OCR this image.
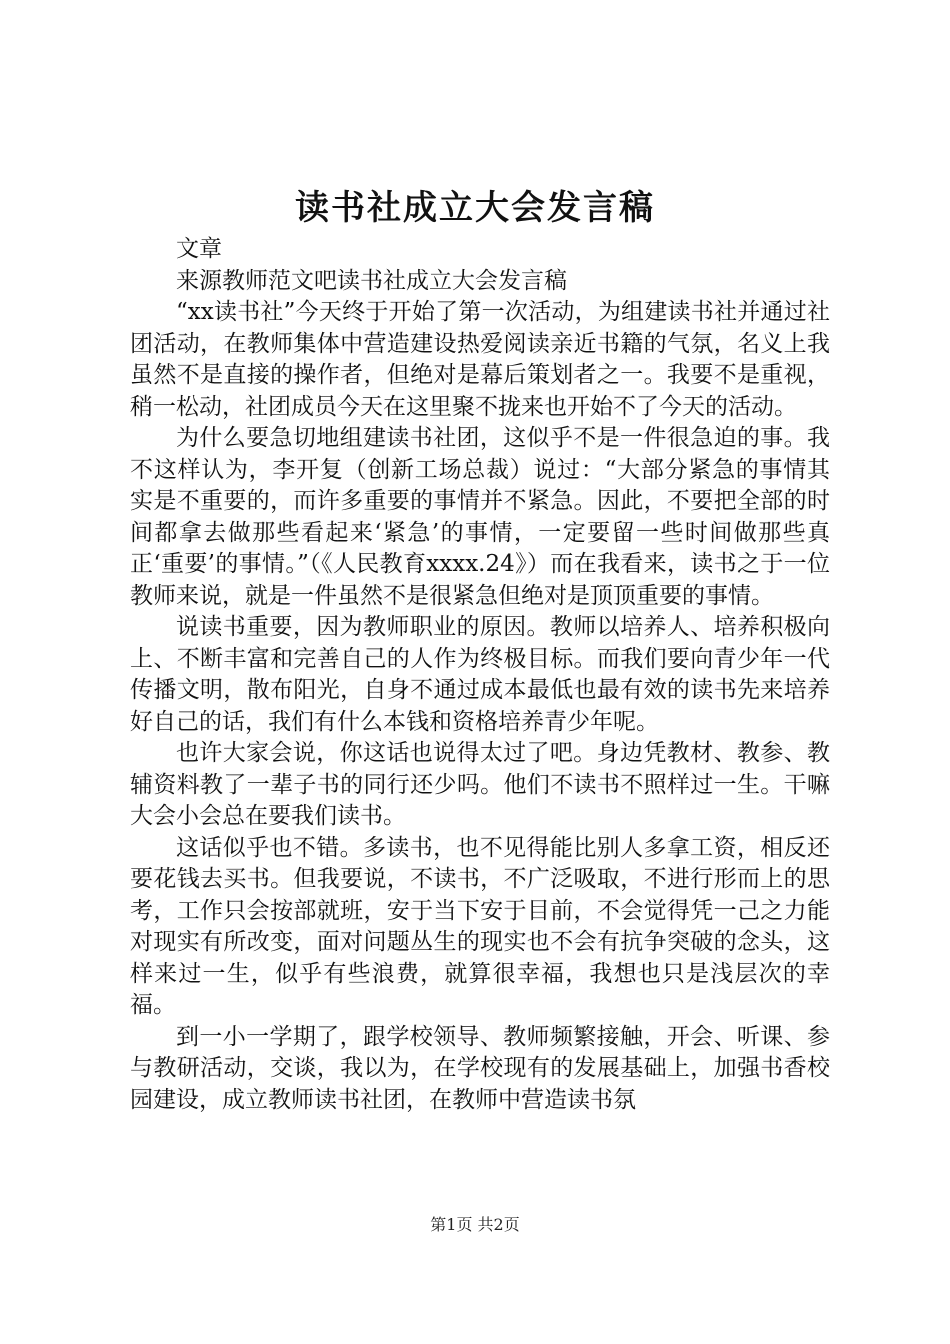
读书社成立大会发言稿

文章

来源教师范文吧读书社成立大会发言稿

“xx读书社”今天终于开始了第一次活动，为组建读书社并通过社团活动，在教师集体中营造建设热爱阅读亲近书籍的气氛，名义上我虽然不是直接的操作者，但绝对是幕后策划者之一。我要不是重视，稍一松动，社团成员今天在这里聚不拢来也开始不了今天的活动。

为什么要急切地组建读书社团，这似乎不是一件很急迫的事。我不这样认为，李开复（创新工场总裁）说过：“大部分紧急的事情其实是不重要的，而许多重要的事情并不紧急。因此，不要把全部的时间都拿去做那些看起来‘紧急’的事情，一定要留一些时间做那些真正‘重要’的事情。”（《人民教育xxxx.24》）而在我看来，读书之于一位教师来说，就是一件虽然不是很紧急但绝对是顶顶重要的事情。

说读书重要，因为教师职业的原因。教师以培养人、培养积极向上、不断丰富和完善自己的人作为终极目标。而我们要向青少年一代传播文明，散布阳光，自身不通过成本最低也最有效的读书先来培养好自己的话，我们有什么本钱和资格培养青少年呢。

也许大家会说，你这话也说得太过了吧。身边凭教材、教参、教辅资料教了一辈子书的同行还少吗。他们不读书不照样过一生。干嘛大会小会总在要我们读书。

这话似乎也不错。多读书，也不见得能比别人多拿工资，相反还要花钱去买书。但我要说，不读书，不广泛吸取，不进行形而上的思考，工作只会按部就班，安于当下安于目前，不会觉得凭一己之力能对现实有所改变，面对问题丛生的现实也不会有抗争突破的念头，这样来过一生，似乎有些浪费，就算很幸福，我想也只是浅层次的幸福。

到一小一学期了，跟学校领导、教师频繁接触，开会、听课、参与教研活动，交谈，我以为，在学校现有的发展基础上，加强书香校园建设，成立教师读书社团，在教师中营造读书氛

第1页 共2页
